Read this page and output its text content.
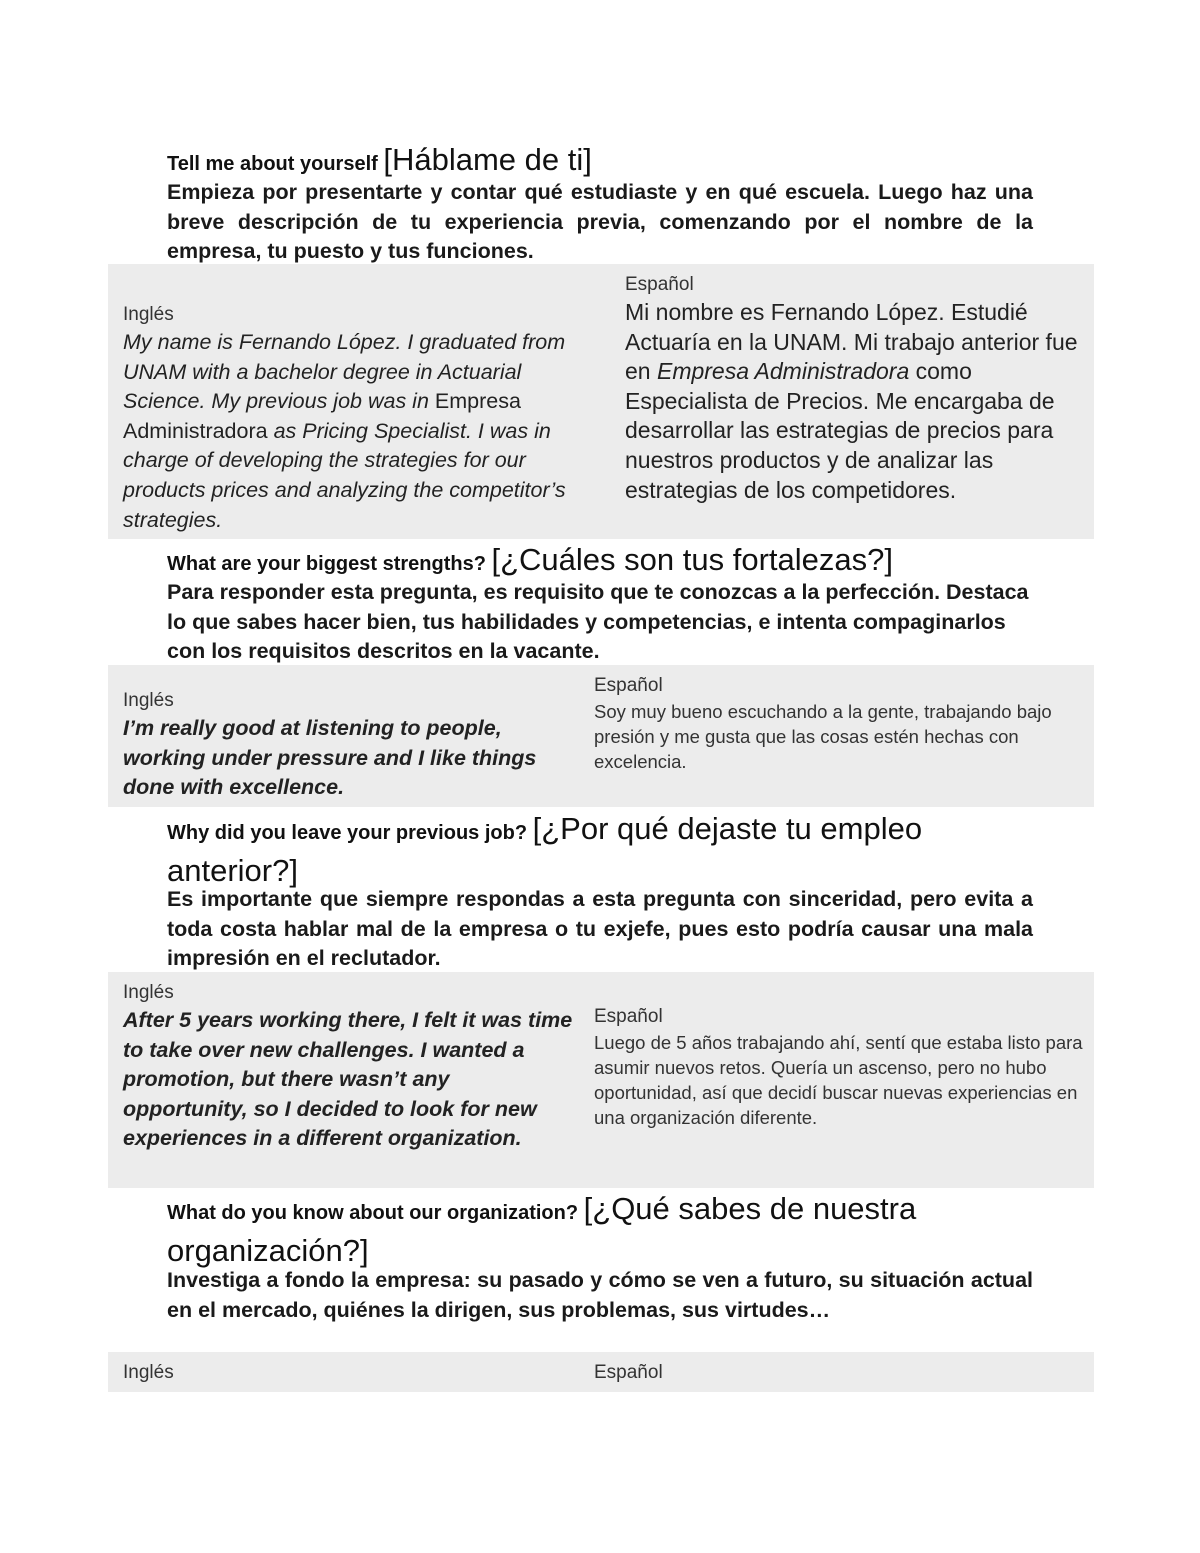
Tell me about yourself [Háblame de ti]
Empieza por presentarte y contar qué estudiaste y en qué escuela. Luego haz una breve descripción de tu experiencia previa, comenzando por el nombre de la empresa, tu puesto y tus funciones.
Inglés
My name is Fernando López. I graduated from UNAM with a bachelor degree in Actuarial Science. My previous job was in Empresa Administradora as Pricing Specialist. I was in charge of developing the strategies for our products prices and analyzing the competitor’s strategies.
Español
Mi nombre es Fernando López. Estudié Actuaría en la UNAM. Mi trabajo anterior fue en Empresa Administradora como Especialista de Precios. Me encargaba de desarrollar las estrategias de precios para nuestros productos y de analizar las estrategias de los competidores.
What are your biggest strengths? [¿Cuáles son tus fortalezas?]
Para responder esta pregunta, es requisito que te conozcas a la perfección. Destaca lo que sabes hacer bien, tus habilidades y competencias, e intenta compaginarlos con los requisitos descritos en la vacante.
Inglés
I’m really good at listening to people, working under pressure and I like things done with excellence.
Español
Soy muy bueno escuchando a la gente, trabajando bajo presión y me gusta que las cosas estén hechas con excelencia.
Why did you leave your previous job? [¿Por qué dejaste tu empleo anterior?]
Es importante que siempre respondas a esta pregunta con sinceridad, pero evita a toda costa hablar mal de la empresa o tu exjefe, pues esto podría causar una mala impresión en el reclutador.
Inglés
After 5 years working there, I felt it was time to take over new challenges. I wanted a promotion, but there wasn’t any opportunity, so I decided to look for new experiences in a different organization.
Español
Luego de 5 años trabajando ahí, sentí que estaba listo para asumir nuevos retos. Quería un ascenso, pero no hubo oportunidad, así que decidí buscar nuevas experiencias en una organización diferente.
What do you know about our organization? [¿Qué sabes de nuestra organización?]
Investiga a fondo la empresa: su pasado y cómo se ven a futuro, su situación actual en el mercado, quiénes la dirigen, sus problemas, sus virtudes…
Inglés	Español
